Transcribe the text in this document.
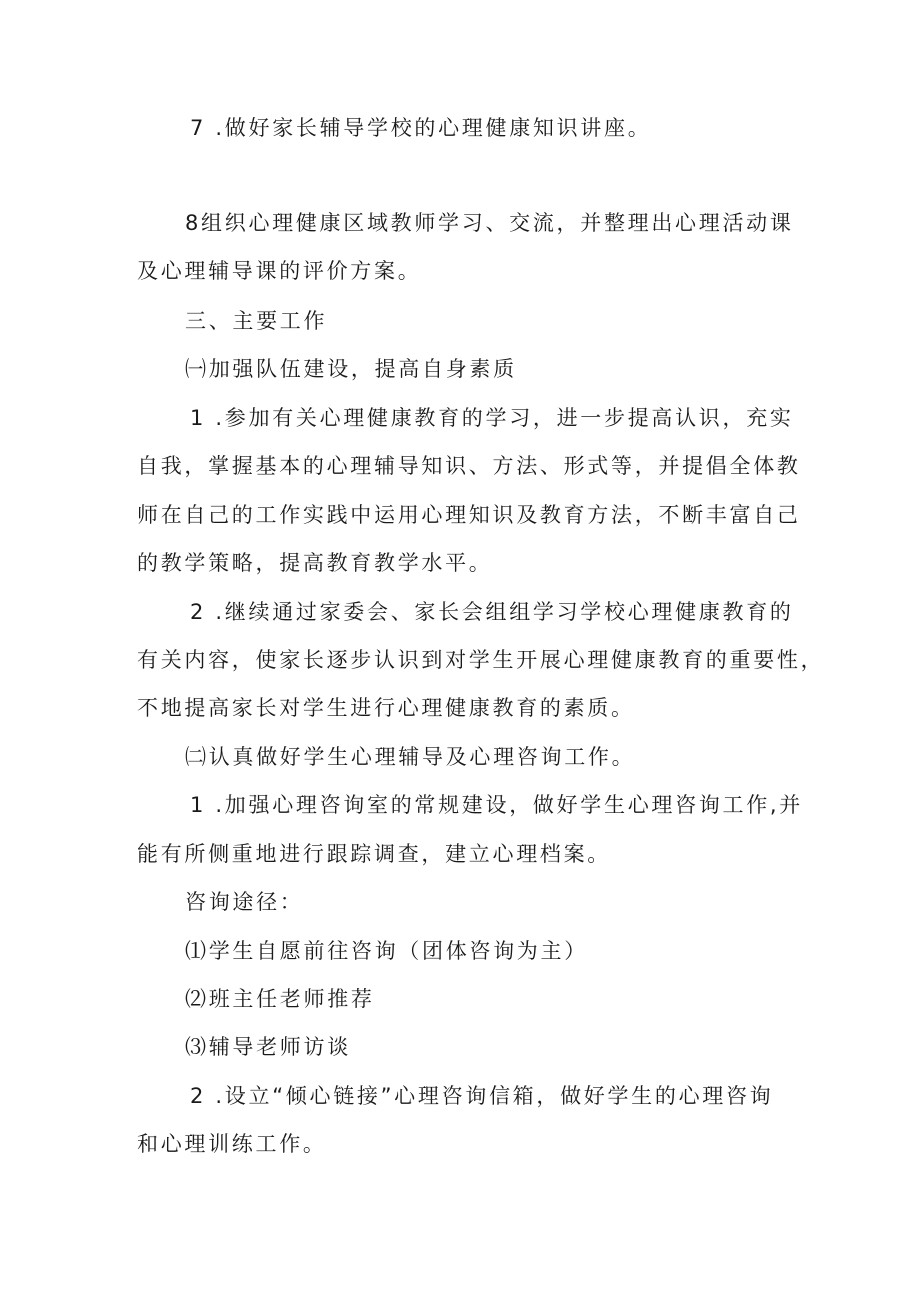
7 .做好家长辅导学校的心理健康知识讲座。
8组织心理健康区域教师学习、交流，并整理出心理活动课
及心理辅导课的评价方案。
三、主要工作
㈠加强队伍建设，提高自身素质
1 .参加有关心理健康教育的学习，进一步提高认识，充实
自我，掌握基本的心理辅导知识、方法、形式等，并提倡全体教
师在自己的工作实践中运用心理知识及教育方法，不断丰富自己
的教学策略，提高教育教学水平。
2 .继续通过家委会、家长会组组学习学校心理健康教育的
有关内容，使家长逐步认识到对学生开展心理健康教育的重要性，
不地提高家长对学生进行心理健康教育的素质。
㈡认真做好学生心理辅导及心理咨询工作。
1 .加强心理咨询室的常规建设，做好学生心理咨询工作,并
能有所侧重地进行跟踪调查，建立心理档案。
咨询途径：
⑴学生自愿前往咨询（团体咨询为主）
⑵班主任老师推荐
⑶辅导老师访谈
2 .设立“倾心链接”心理咨询信箱，做好学生的心理咨询
和心理训练工作。
